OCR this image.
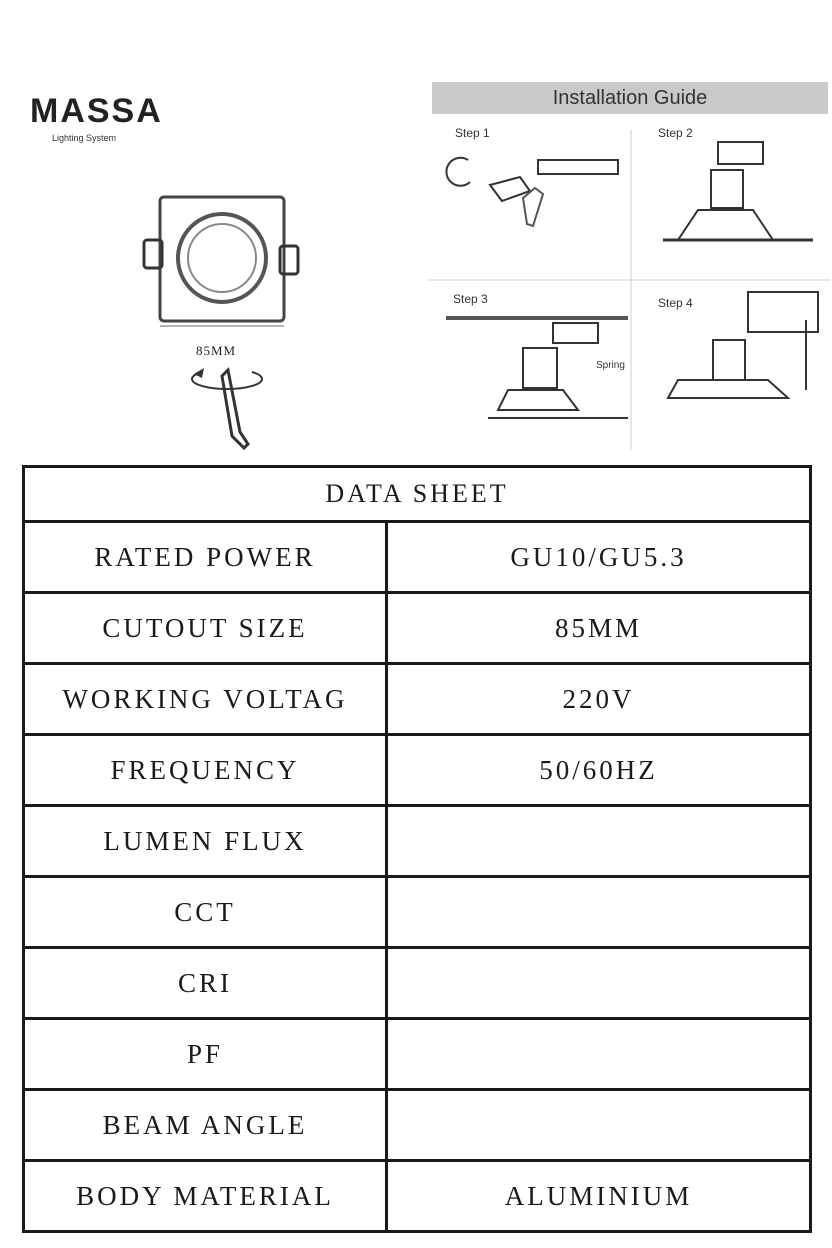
MASSA
Lighting System
85MM
Installation Guide
Step 1	Step 2
Step 3	Step 4
Spring
DATA SHEET
RATED POWER	GU10/GU5.3
CUTOUT SIZE	85MM
WORKING VOLTAG	220V
FREQUENCY	50/60HZ
LUMEN FLUX
CCT
CRI
PF
BEAM ANGLE
BODY MATERIAL	ALUMINIUM
